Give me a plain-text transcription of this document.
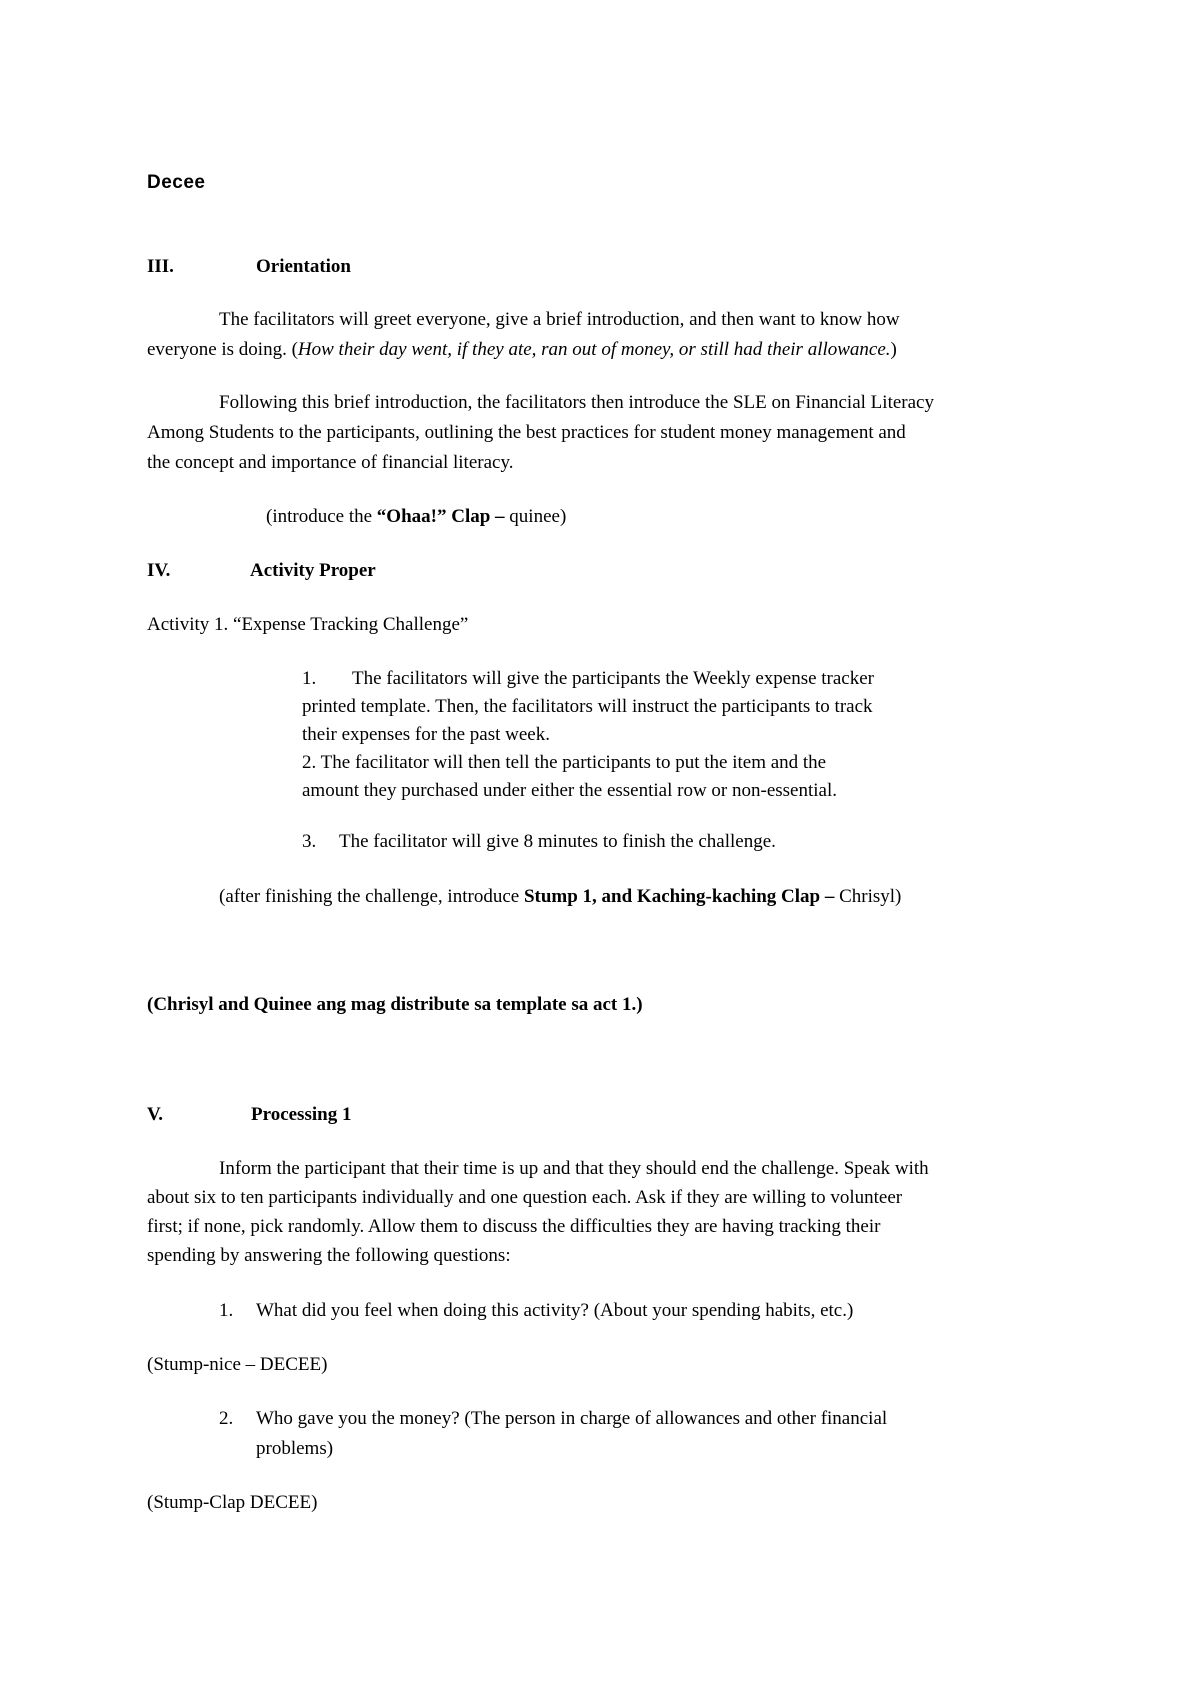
Decee
III.	Orientation
The facilitators will greet everyone, give a brief introduction, and then want to know how
everyone is doing. (How their day went, if they ate, ran out of money, or still had their allowance.)
Following this brief introduction, the facilitators then introduce the SLE on Financial Literacy
Among Students to the participants, outlining the best practices for student money management and
the concept and importance of financial literacy.
(introduce the “Ohaa!” Clap – quinee)
IV.	Activity Proper
Activity 1. “Expense Tracking Challenge”
1. The facilitators will give the participants the Weekly expense tracker
printed template. Then, the facilitators will instruct the participants to track
their expenses for the past week.
2. The facilitator will then tell the participants to put the item and the
amount they purchased under either the essential row or non-essential.
3. The facilitator will give 8 minutes to finish the challenge.
(after finishing the challenge, introduce Stump 1, and Kaching-kaching Clap – Chrisyl)
(Chrisyl and Quinee ang mag distribute sa template sa act 1.)
V.	Processing 1
Inform the participant that their time is up and that they should end the challenge. Speak with
about six to ten participants individually and one question each. Ask if they are willing to volunteer
first; if none, pick randomly. Allow them to discuss the difficulties they are having tracking their
spending by answering the following questions:
1. What did you feel when doing this activity? (About your spending habits, etc.)
(Stump-nice – DECEE)
2. Who gave you the money? (The person in charge of allowances and other financial
problems)
(Stump-Clap DECEE)
